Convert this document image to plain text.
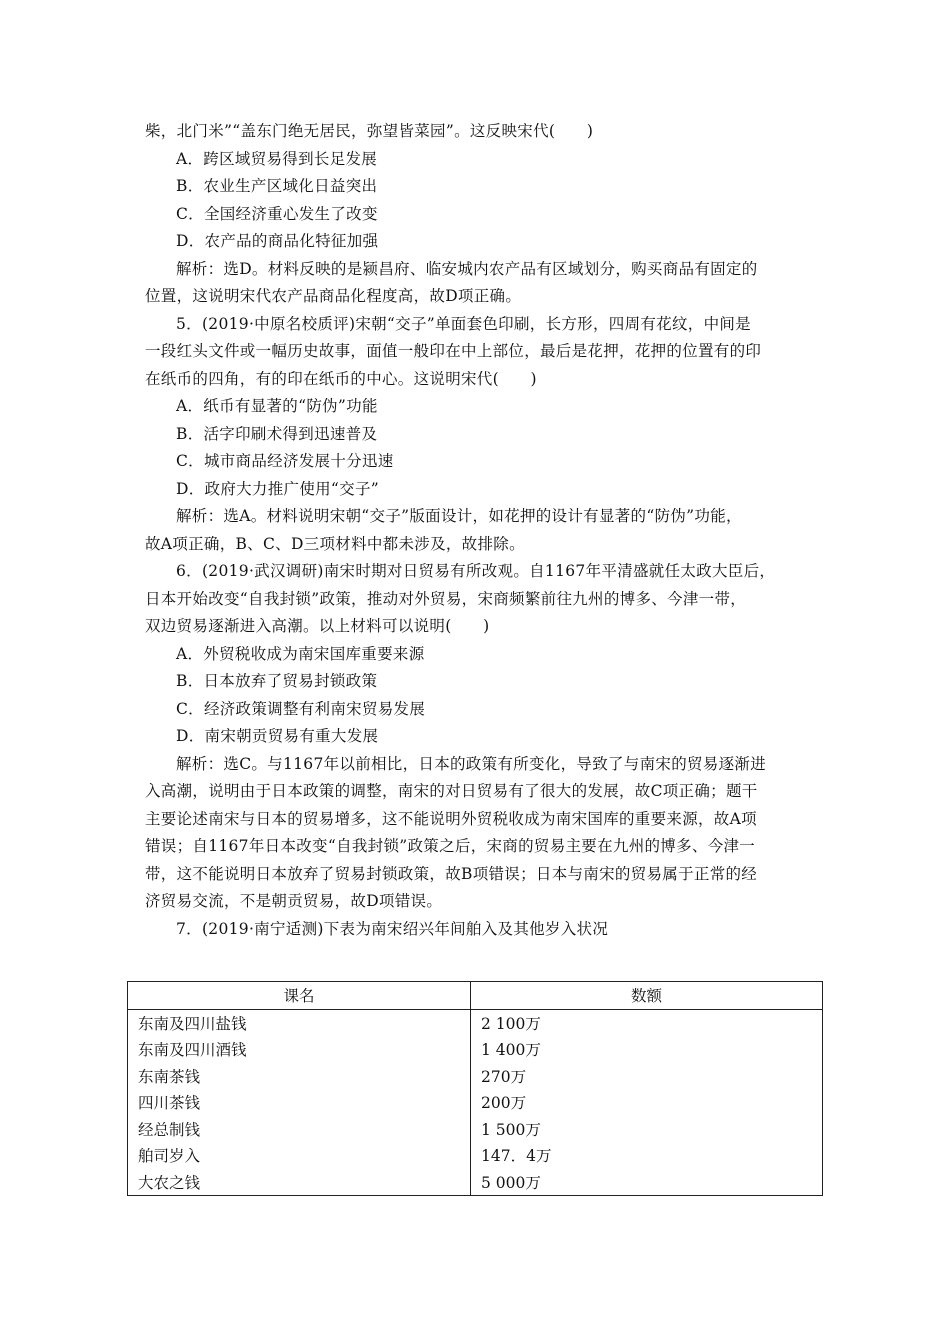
柴，北门米”“盖东门绝无居民，弥望皆菜园”。这反映宋代(　　)
A．跨区域贸易得到长足发展
B．农业生产区域化日益突出
C．全国经济重心发生了改变
D．农产品的商品化特征加强
解析：选D。材料反映的是颍昌府、临安城内农产品有区域划分，购买商品有固定的
位置，这说明宋代农产品商品化程度高，故D项正确。
5．(2019·中原名校质评)宋朝“交子”单面套色印刷，长方形，四周有花纹，中间是
一段红头文件或一幅历史故事，面值一般印在中上部位，最后是花押，花押的位置有的印
在纸币的四角，有的印在纸币的中心。这说明宋代(　　)
A．纸币有显著的“防伪”功能
B．活字印刷术得到迅速普及
C．城市商品经济发展十分迅速
D．政府大力推广使用“交子”
解析：选A。材料说明宋朝“交子”版面设计，如花押的设计有显著的“防伪”功能，
故A项正确，B、C、D三项材料中都未涉及，故排除。
6．(2019·武汉调研)南宋时期对日贸易有所改观。自1167年平清盛就任太政大臣后，
日本开始改变“自我封锁”政策，推动对外贸易，宋商频繁前往九州的博多、今津一带，
双边贸易逐渐进入高潮。以上材料可以说明(　　)
A．外贸税收成为南宋国库重要来源
B．日本放弃了贸易封锁政策
C．经济政策调整有利南宋贸易发展
D．南宋朝贡贸易有重大发展
解析：选C。与1167年以前相比，日本的政策有所变化，导致了与南宋的贸易逐渐进
入高潮，说明由于日本政策的调整，南宋的对日贸易有了很大的发展，故C项正确；题干
主要论述南宋与日本的贸易增多，这不能说明外贸税收成为南宋国库的重要来源，故A项
错误；自1167年日本改变“自我封锁”政策之后，宋商的贸易主要在九州的博多、今津一
带，这不能说明日本放弃了贸易封锁政策，故B项错误；日本与南宋的贸易属于正常的经
济贸易交流，不是朝贡贸易，故D项错误。
7．(2019·南宁适测)下表为南宋绍兴年间舶入及其他岁入状况
课名	数额
东南及四川盐钱	2 100万
东南及四川酒钱	1 400万
东南茶钱	270万
四川茶钱	200万
经总制钱	1 500万
舶司岁入	147．4万
大农之钱	5 000万
